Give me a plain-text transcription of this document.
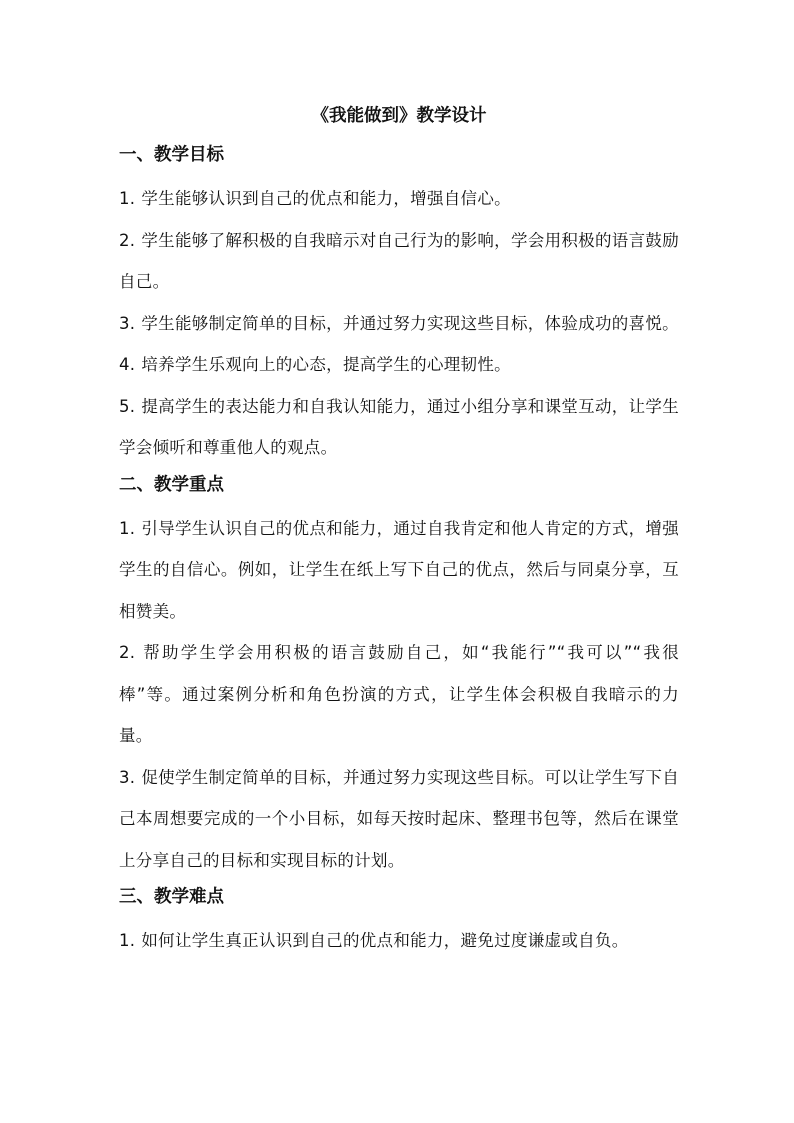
《我能做到》教学设计
一、教学目标

1. 学生能够认识到自己的优点和能力，增强自信心。

2. 学生能够了解积极的自我暗示对自己行为的影响，学会用积极的语言鼓励自己。

3. 学生能够制定简单的目标，并通过努力实现这些目标，体验成功的喜悦。

4. 培养学生乐观向上的心态，提高学生的心理韧性。

5. 提高学生的表达能力和自我认知能力，通过小组分享和课堂互动，让学生学会倾听和尊重他人的观点。

二、教学重点

1. 引导学生认识自己的优点和能力，通过自我肯定和他人肯定的方式，增强学生的自信心。例如，让学生在纸上写下自己的优点，然后与同桌分享，互相赞美。

2. 帮助学生学会用积极的语言鼓励自己，如“我能行”“我可以”“我很棒”等。通过案例分析和角色扮演的方式，让学生体会积极自我暗示的力量。

3. 促使学生制定简单的目标，并通过努力实现这些目标。可以让学生写下自己本周想要完成的一个小目标，如每天按时起床、整理书包等，然后在课堂上分享自己的目标和实现目标的计划。

三、教学难点

1. 如何让学生真正认识到自己的优点和能力，避免过度谦虚或自负。
